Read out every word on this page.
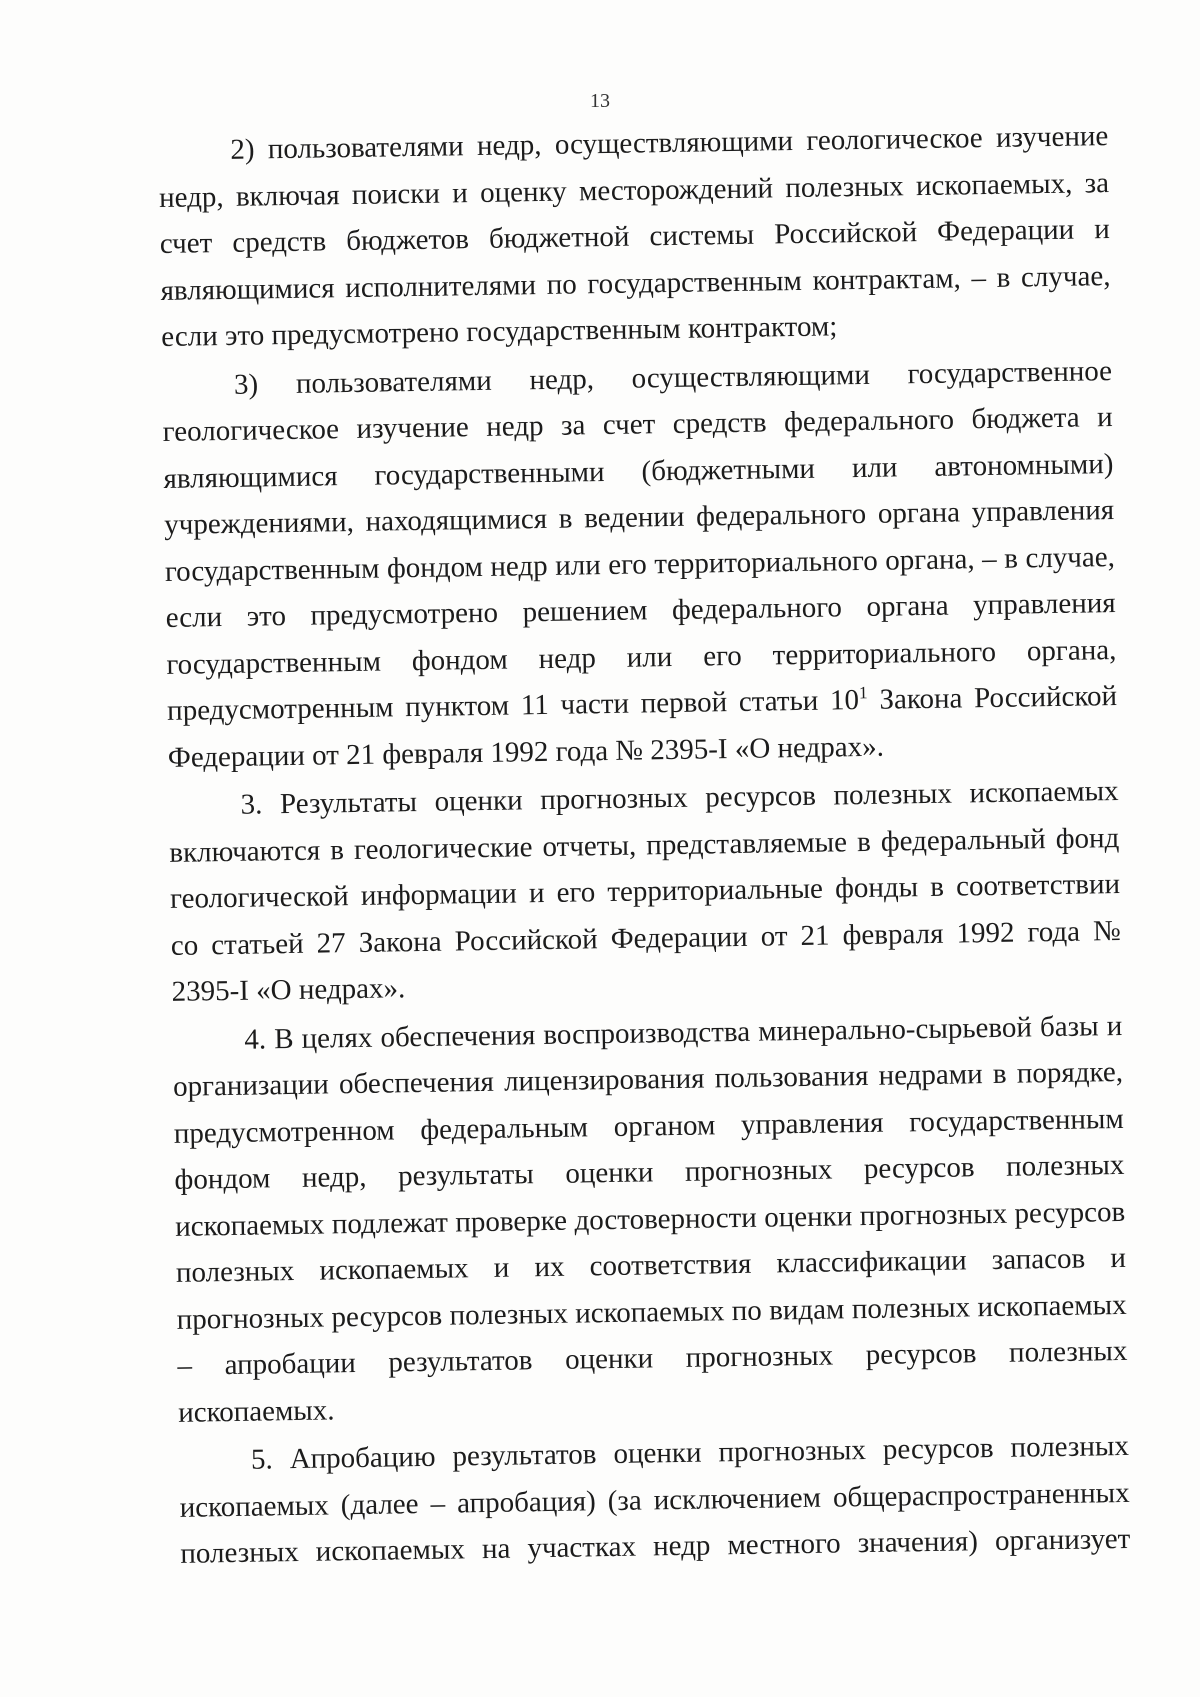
13

2) пользователями недр, осуществляющими геологическое изучение недр, включая поиски и оценку месторождений полезных ископаемых, за счет средств бюджетов бюджетной системы Российской Федерации и являющимися исполнителями по государственным контрактам, – в случае, если это предусмотрено государственным контрактом;

3) пользователями недр, осуществляющими государственное геологическое изучение недр за счет средств федерального бюджета и являющимися государственными (бюджетными или автономными) учреждениями, находящимися в ведении федерального органа управления государственным фондом недр или его территориального органа, – в случае, если это предусмотрено решением федерального органа управления государственным фондом недр или его территориального органа, предусмотренным пунктом 11 части первой статьи $10^1$ Закона Российской Федерации от 21 февраля 1992 года № 2395-I «О недрах».

3. Результаты оценки прогнозных ресурсов полезных ископаемых включаются в геологические отчеты, представляемые в федеральный фонд геологической информации и его территориальные фонды в соответствии со статьей 27 Закона Российской Федерации от 21 февраля 1992 года № 2395-I «О недрах».

4. В целях обеспечения воспроизводства минерально-сырьевой базы и организации обеспечения лицензирования пользования недрами в порядке, предусмотренном федеральным органом управления государственным фондом недр, результаты оценки прогнозных ресурсов полезных ископаемых подлежат проверке достоверности оценки прогнозных ресурсов полезных ископаемых и их соответствия классификации запасов и прогнозных ресурсов полезных ископаемых по видам полезных ископаемых – апробации результатов оценки прогнозных ресурсов полезных ископаемых.

5. Апробацию результатов оценки прогнозных ресурсов полезных ископаемых (далее – апробация) (за исключением общераспространенных полезных ископаемых на участках недр местного значения) организует
